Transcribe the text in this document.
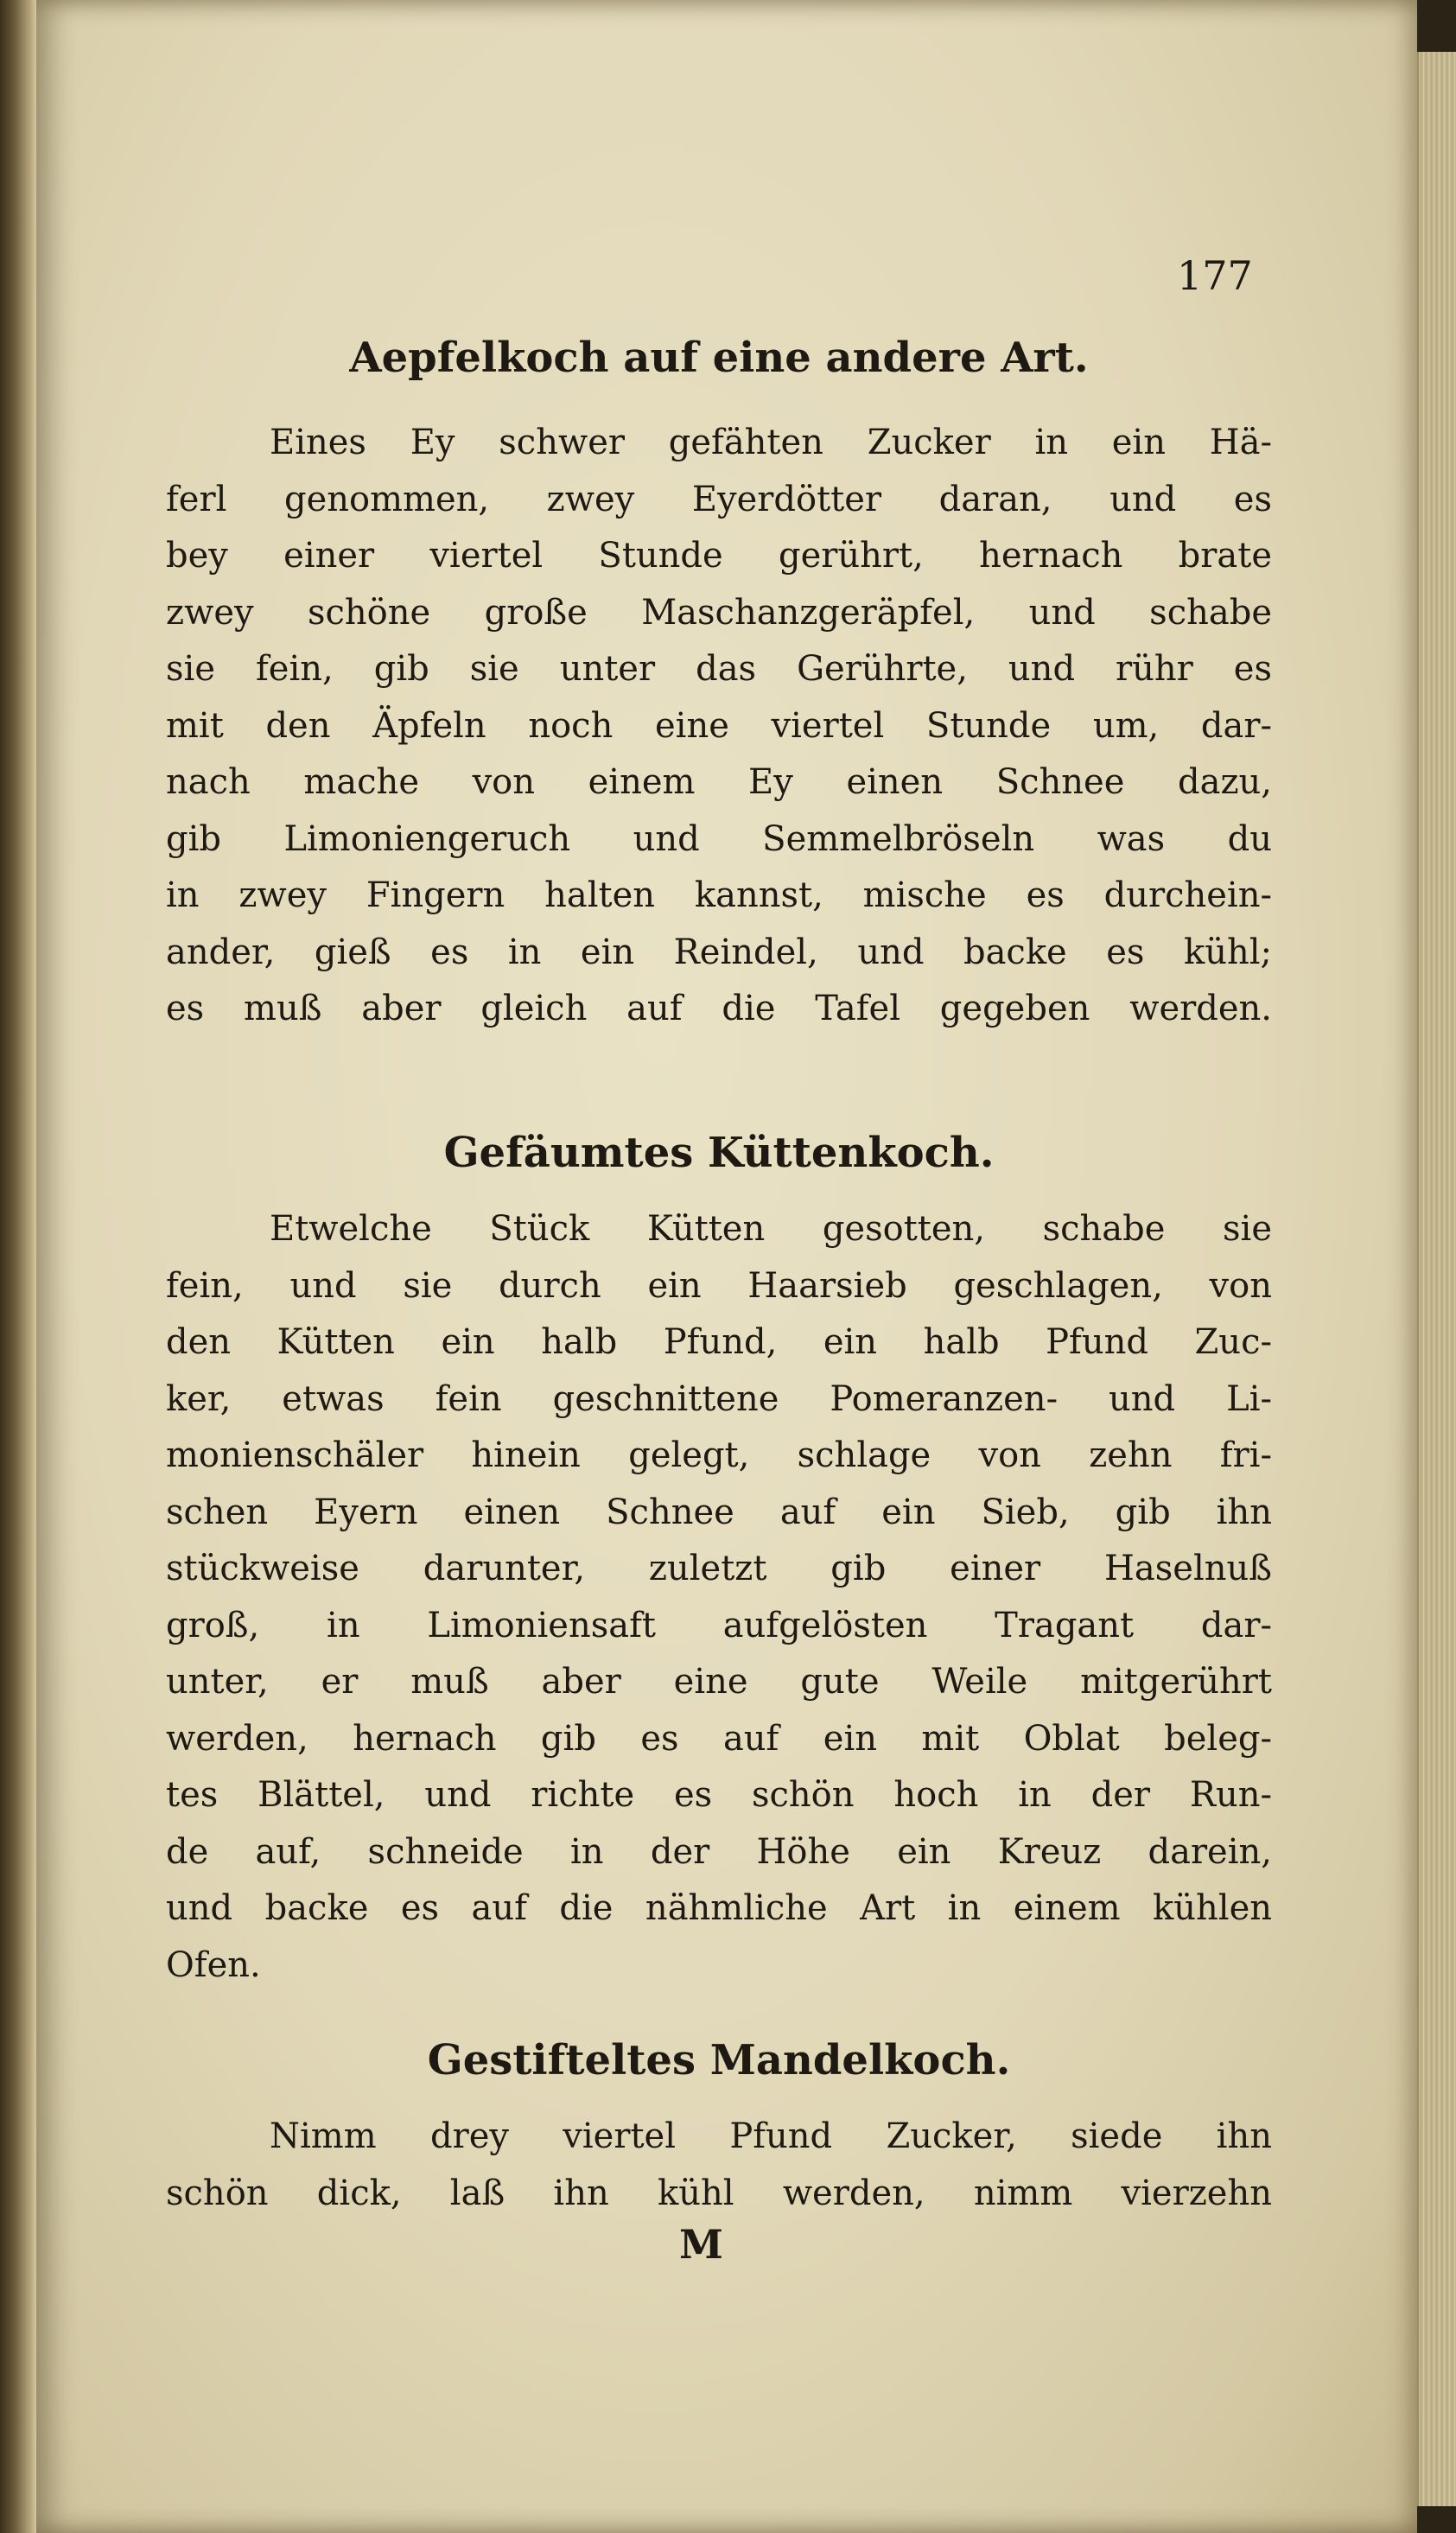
177
Aepfelkoch auf eine andere Art.
Eines Ey schwer gefähten Zucker in ein Hä-
ferl genommen, zwey Eyerdötter daran, und es
bey einer viertel Stunde gerührt, hernach brate
zwey schöne große Maschanzgeräpfel, und schabe
sie fein, gib sie unter das Gerührte, und rühr es
mit den Äpfeln noch eine viertel Stunde um, dar-
nach mache von einem Ey einen Schnee dazu,
gib Limoniengeruch und Semmelbröseln was du
in zwey Fingern halten kannst, mische es durchein-
ander, gieß es in ein Reindel, und backe es kühl;
es muß aber gleich auf die Tafel gegeben werden.
Gefäumtes Küttenkoch.
Etwelche Stück Kütten gesotten, schabe sie
fein, und sie durch ein Haarsieb geschlagen, von
den Kütten ein halb Pfund, ein halb Pfund Zuc-
ker, etwas fein geschnittene Pomeranzen- und Li-
monienschäler hinein gelegt, schlage von zehn fri-
schen Eyern einen Schnee auf ein Sieb, gib ihn
stückweise darunter, zuletzt gib einer Haselnuß
groß, in Limoniensaft aufgelösten Tragant dar-
unter, er muß aber eine gute Weile mitgerührt
werden, hernach gib es auf ein mit Oblat beleg-
tes Blättel, und richte es schön hoch in der Run-
de auf, schneide in der Höhe ein Kreuz darein,
und backe es auf die nähmliche Art in einem kühlen
Ofen.
Gestifteltes Mandelkoch.
Nimm drey viertel Pfund Zucker, siede ihn
schön dick, laß ihn kühl werden, nimm vierzehn
M
